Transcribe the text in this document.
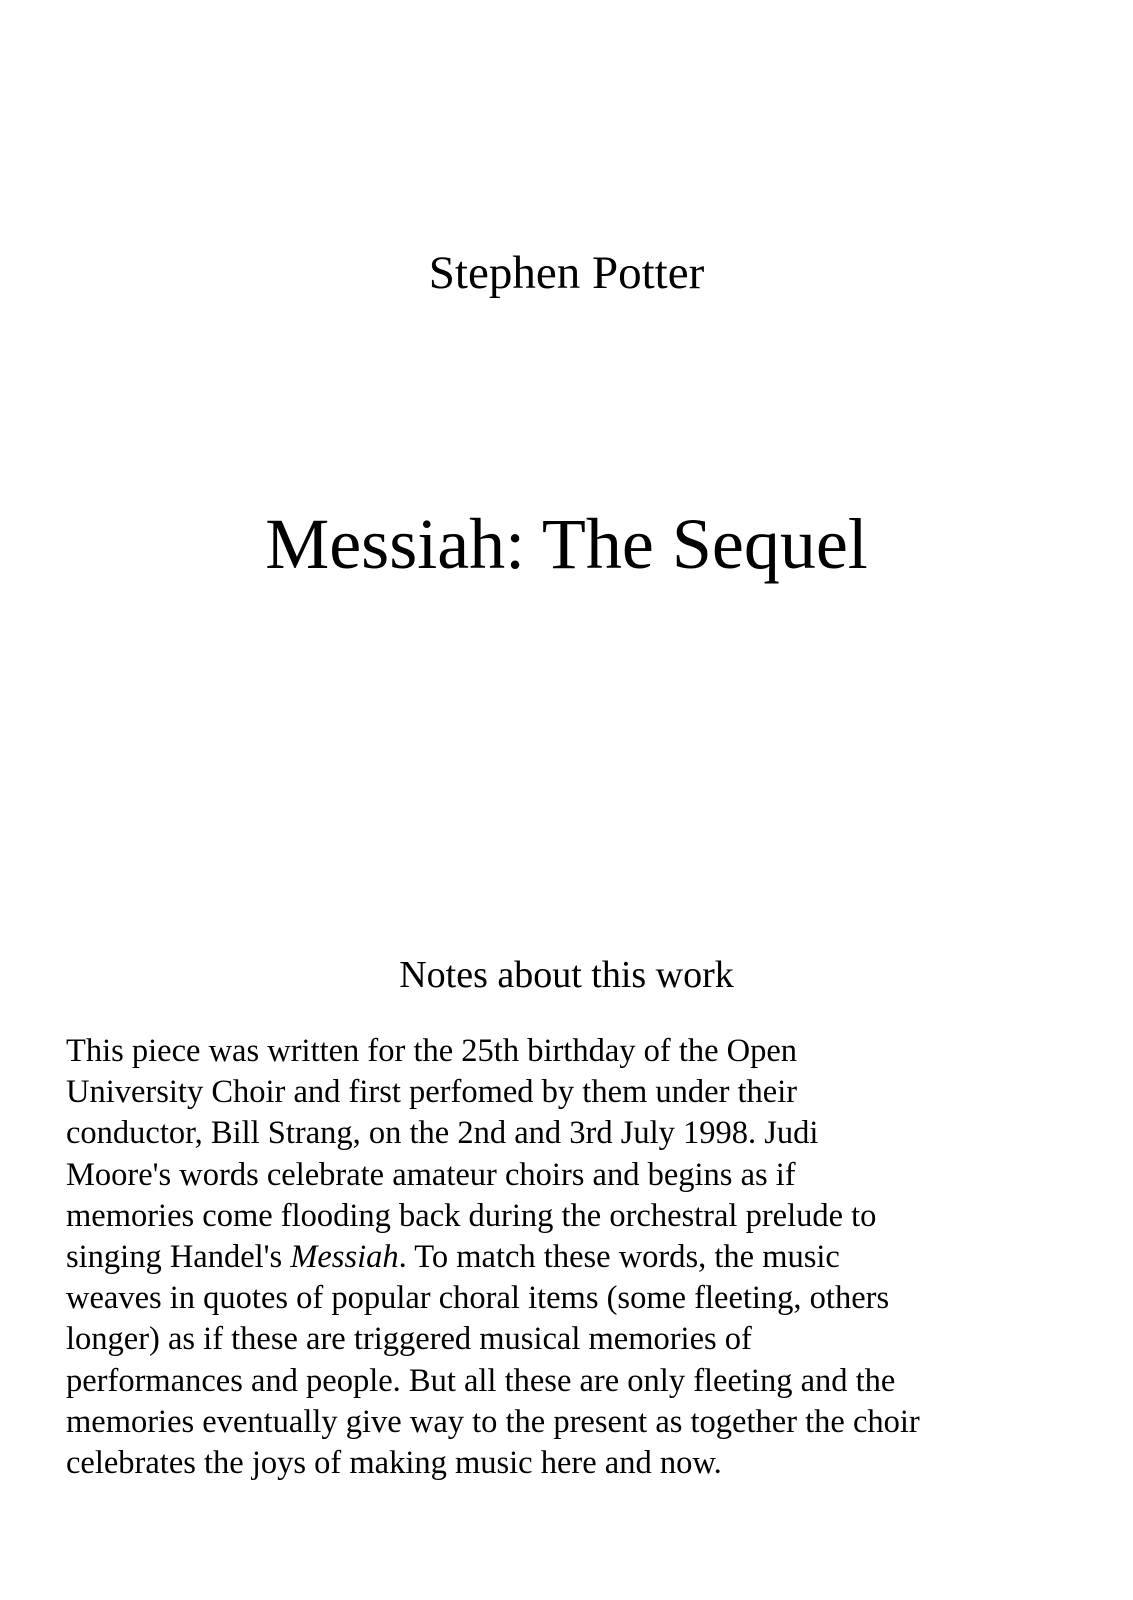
Stephen Potter
Messiah: The Sequel
Notes about this work
This piece was written for the 25th birthday of the Open
University Choir and first perfomed by them under their
conductor, Bill Strang, on the 2nd and 3rd July 1998. Judi
Moore's words celebrate amateur choirs and begins as if
memories come flooding back during the orchestral prelude to
singing Handel's Messiah. To match these words, the music
weaves in quotes of popular choral items (some fleeting, others
longer) as if these are triggered musical memories of
performances and people. But all these are only fleeting and the
memories eventually give way to the present as together the choir
celebrates the joys of making music here and now.
